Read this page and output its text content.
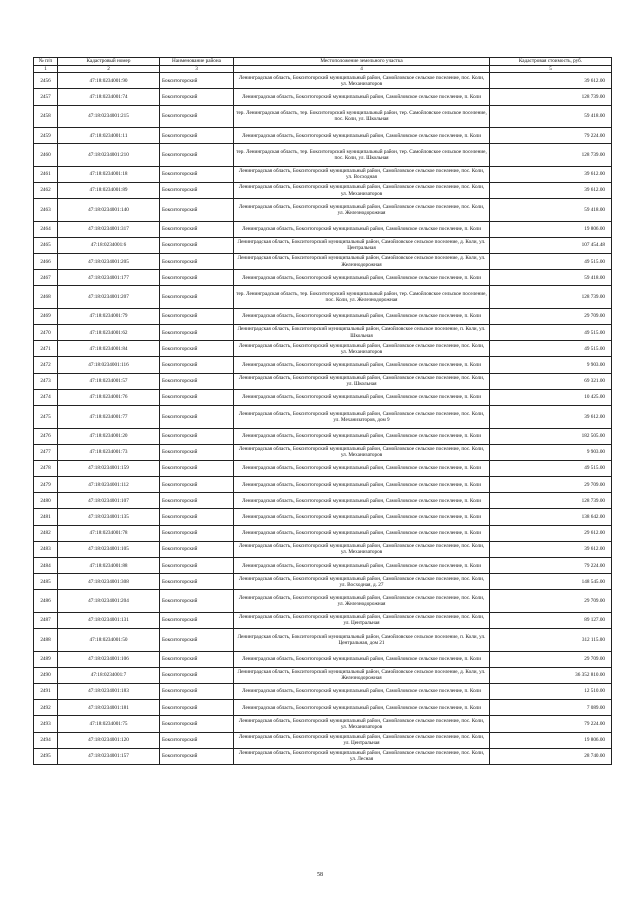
№ п/п	Кадастровый номер	Наименование района	Местоположение земельного участка	Кадастровая стоимость, руб.
1	2	3	4	5
2456	47:18:0234001:90	Бокситогорский	Ленинградская область, Бокситогорский муниципальный район, Самойловское сельское поселение, пос. Коли, ул. Механизаторов	39 612.00
2457	47:18:0234001:74	Бокситогорский	Ленинградская область, Бокситогорский муниципальный район, Самойловское сельское поселение, п. Коли	128 739.00
2458	47:18:0234001:215	Бокситогорский	тер. Ленинградская область, тер. Бокситогорский муниципальный район, тер. Самойловское сельское поселение, пос. Коли, ул. Школьная	59 418.00
2459	47:18:0234001:11	Бокситогорский	Ленинградская область, Бокситогорский муниципальный район, Самойловское сельское поселение, п. Коли	79 224.00
2460	47:18:0234001:210	Бокситогорский	тер. Ленинградская область, тер. Бокситогорский муниципальный район, тер. Самойловское сельское поселение, пос. Коли, ул. Школьная	128 739.00
2461	47:18:0234001:18	Бокситогорский	Ленинградская область, Бокситогорский муниципальный район, Самойловское сельское поселение, пос. Коли, ул. Восходная	39 612.00
2462	47:18:0234001:89	Бокситогорский	Ленинградская область, Бокситогорский муниципальный район, Самойловское сельское поселение, пос. Коли, ул. Механизаторов	39 612.00
2463	47:18:0234001:140	Бокситогорский	Ленинградская область, Бокситогорский муниципальный район, Самойловское сельское поселение, пос. Коли, ул. Железнодорожная	59 418.00
2464	47:18:0234001:317	Бокситогорский	Ленинградская область, Бокситогорский муниципальный район, Самойловское сельское поселение, п. Коли	19 806.00
2465	47:18:0234001:6	Бокситогорский	Ленинградская область, Бокситогорский муниципальный район, Самойловское сельское поселение, д. Коли, ул. Центральная	107 454.48
2466	47:18:0234001:205	Бокситогорский	Ленинградская область, Бокситогорский муниципальный район, Самойловское сельское поселение, д. Коли, ул. Железнодорожная	49 515.00
2467	47:18:0234001:177	Бокситогорский	Ленинградская область, Бокситогорский муниципальный район, Самойловское сельское поселение, п. Коли	59 418.00
2468	47:18:0234001:207	Бокситогорский	тер. Ленинградская область, тер. Бокситогорский муниципальный район, тер. Самойловское сельское поселение, пос. Коли, ул. Железнодорожная	128 739.00
2469	47:18:0234001:79	Бокситогорский	Ленинградская область, Бокситогорский муниципальный район, Самойловское сельское поселение, п. Коли	29 709.00
2470	47:18:0234001:62	Бокситогорский	Ленинградская область, Бокситогорский муниципальный район, Самойловское сельское поселение, п. Коли, ул. Школьная	49 515.00
2471	47:18:0234001:84	Бокситогорский	Ленинградская область, Бокситогорский муниципальный район, Самойловское сельское поселение, пос. Коли, ул. Механизаторов	49 515.00
2472	47:18:0234001:116	Бокситогорский	Ленинградская область, Бокситогорский муниципальный район, Самойловское сельское поселение, п. Коли	9 903.00
2473	47:18:0234001:57	Бокситогорский	Ленинградская область, Бокситогорский муниципальный район, Самойловское сельское поселение, пос. Коли, ул. Школьная	69 321.00
2474	47:18:0234001:76	Бокситогорский	Ленинградская область, Бокситогорский муниципальный район, Самойловское сельское поселение, п. Коли	10 425.00
2475	47:18:0234001:77	Бокситогорский	Ленинградская область, Бокситогорский муниципальный район, Самойловское сельское поселение, пос. Коли, ул. Механизаторов, дом 9	39 612.00
2476	47:18:0234001:20	Бокситогорский	Ленинградская область, Бокситогорский муниципальный район, Самойловское сельское поселение, п. Коли	182 505.00
2477	47:18:0234001:73	Бокситогорский	Ленинградская область, Бокситогорский муниципальный район, Самойловское сельское поселение, пос. Коли, ул. Механизаторов	9 903.00
2478	47:18:0234001:159	Бокситогорский	Ленинградская область, Бокситогорский муниципальный район, Самойловское сельское поселение, п. Коли	49 515.00
2479	47:18:0234001:112	Бокситогорский	Ленинградская область, Бокситогорский муниципальный район, Самойловское сельское поселение, п. Коли	29 709.00
2480	47:18:0234001:107	Бокситогорский	Ленинградская область, Бокситогорский муниципальный район, Самойловское сельское поселение, п. Коли	128 739.00
2481	47:18:0234001:135	Бокситогорский	Ленинградская область, Бокситогорский муниципальный район, Самойловское сельское поселение, п. Коли	138 642.00
2482	47:18:0234001:78	Бокситогорский	Ленинградская область, Бокситогорский муниципальный район, Самойловское сельское поселение, п. Коли	29 612.00
2483	47:18:0234001:105	Бокситогорский	Ленинградская область, Бокситогорский муниципальный район, Самойловское сельское поселение, пос. Коли, ул. Механизаторов	39 612.00
2484	47:18:0234001:88	Бокситогорский	Ленинградская область, Бокситогорский муниципальный район, Самойловское сельское поселение, п. Коли	79 224.00
2485	47:18:0234001:308	Бокситогорский	Ленинградская область, Бокситогорский муниципальный район, Самойловское сельское поселение, пос. Коли, ул. Восходная, д. 27	148 545.00
2486	47:18:0234001:204	Бокситогорский	Ленинградская область, Бокситогорский муниципальный район, Самойловское сельское поселение, пос. Коли, ул. Железнодорожная	29 709.00
2487	47:18:0234001:131	Бокситогорский	Ленинградская область, Бокситогорский муниципальный район, Самойловское сельское поселение, пос. Коли, ул. Центральная	89 127.00
2488	47:18:0234001:50	Бокситогорский	Ленинградская область, Бокситогорский муниципальный район, Самойловское сельское поселение, п. Коли, ул. Центральная, дом 21	312 115.00
2489	47:18:0234001:106	Бокситогорский	Ленинградская область, Бокситогорский муниципальный район, Самойловское сельское поселение, п. Коли	29 709.00
2490	47:18:0234001:7	Бокситогорский	Ленинградская область, Бокситогорский муниципальный район, Самойловское сельское поселение, д. Коли, ул. Железнодорожная	36 352 810.00
2491	47:18:0234001:183	Бокситогорский	Ленинградская область, Бокситогорский муниципальный район, Самойловское сельское поселение, п. Коли	12 510.00
2492	47:18:0234001:181	Бокситогорский	Ленинградская область, Бокситогорский муниципальный район, Самойловское сельское поселение, п. Коли	7 089.00
2493	47:18:0234001:75	Бокситогорский	Ленинградская область, Бокситогорский муниципальный район, Самойловское сельское поселение, пос. Коли, ул. Механизаторов	79 224.00
2494	47:18:0234001:120	Бокситогорский	Ленинградская область, Бокситогорский муниципальный район, Самойловское сельское поселение, пос. Коли, ул. Центральная	19 806.00
2495	47:18:0234001:157	Бокситогорский	Ленинградская область, Бокситогорский муниципальный район, Самойловское сельское поселение, пос. Коли, ул. Лесная	28 740.00
58
